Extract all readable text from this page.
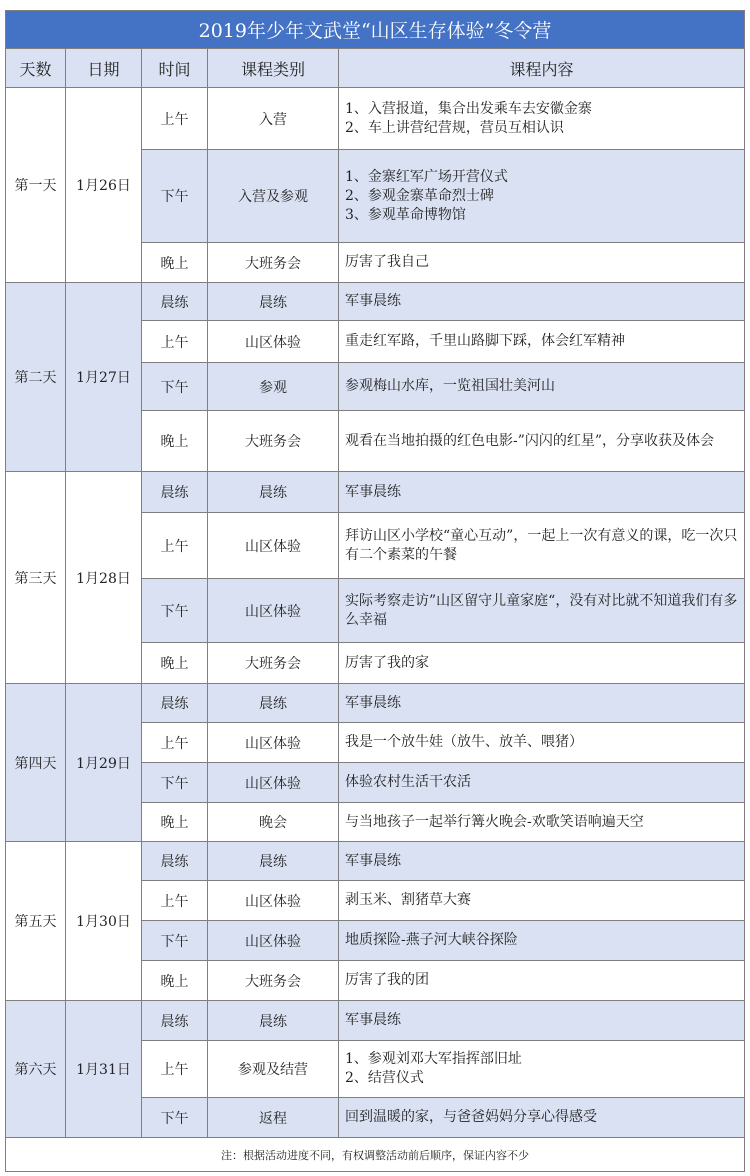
2019年少年文武堂“山区生存体验”冬令营				
天数	日期	时间	课程类别	课程内容
第一天	1月26日	上午	入营	1、入营报道，集合出发乘车去安徽金寨
2、车上讲营纪营规，营员互相认识

		下午	入营及参观	1、金寨红军广场开营仪式
2、参观金寨革命烈士碑
3、参观革命博物馆

		晚上	大班务会	厉害了我自己

第二天	1月27日	晨练	晨练	军事晨练

		上午	山区体验	重走红军路，千里山路脚下踩，体会红军精神

		下午	参观	参观梅山水库，一览祖国壮美河山

		晚上	大班务会	观看在当地拍摄的红色电影-”闪闪的红星”，分享收获及体会

第三天	1月28日	晨练	晨练	军事晨练

		上午	山区体验	拜访山区小学校“童心互动”，一起上一次有意义的课，吃一次只有二个素菜的午餐

		下午	山区体验	实际考察走访”山区留守儿童家庭“，没有对比就不知道我们有多么幸福

		晚上	大班务会	厉害了我的家

第四天	1月29日	晨练	晨练	军事晨练

		上午	山区体验	我是一个放牛娃（放牛、放羊、喂猪）

		下午	山区体验	体验农村生活干农活

		晚上	晚会	与当地孩子一起举行篝火晚会-欢歌笑语响遍天空

第五天	1月30日	晨练	晨练	军事晨练

		上午	山区体验	剥玉米、割猪草大赛

		下午	山区体验	地质探险-燕子河大峡谷探险

		晚上	大班务会	厉害了我的团

第六天	1月31日	晨练	晨练	军事晨练

		上午	参观及结营	1、参观刘邓大军指挥部旧址
2、结营仪式

		下午	返程	回到温暖的家，与爸爸妈妈分享心得感受

注：根据活动进度不同，有权调整活动前后顺序，保证内容不少				
